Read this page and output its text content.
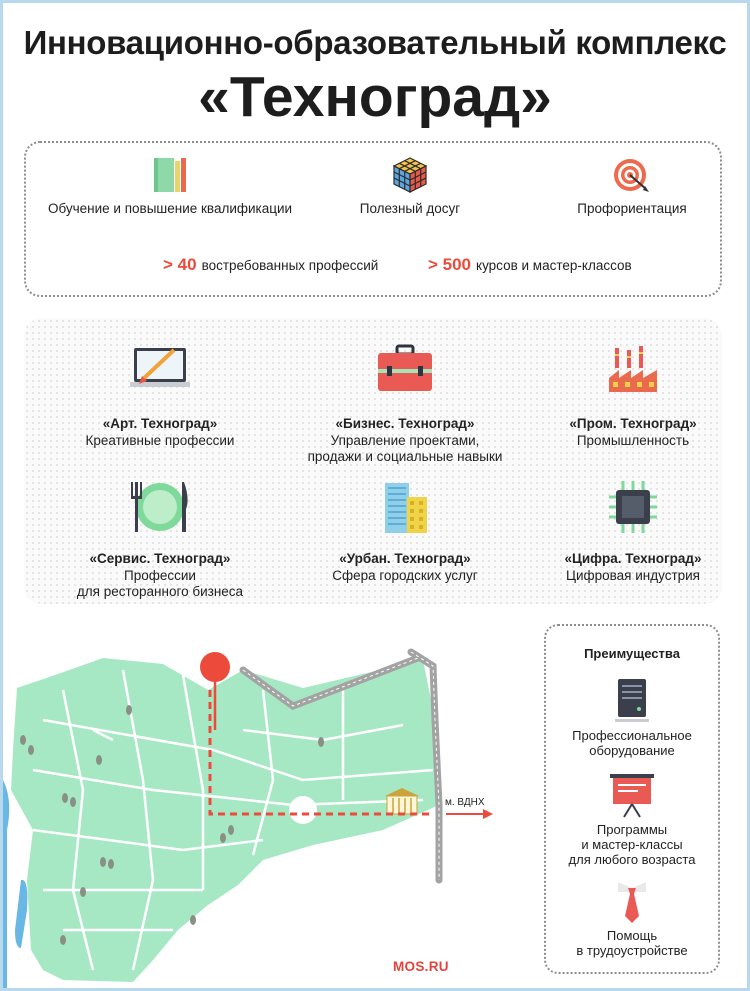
Инновационно-образовательный комплекс
«Техноград»
Обучение и повышение квалификации	Полезный досуг	Профориентация
> 40 востребованных профессий	> 500 курсов и мастер-классов
«Арт. Техноград»
Креативные профессии
«Бизнес. Техноград»
Управление проектами,
продажи и социальные навыки
«Пром. Техноград»
Промышленность
«Сервис. Техноград»
Профессии
для ресторанного бизнеса
«Урбан. Техноград»
Сфера городских услуг
«Цифра. Техноград»
Цифровая индустрия
м. ВДНХ
Преимущества
Профессиональное
оборудование
Программы
и мастер-классы
для любого возраста
Помощь
в трудоустройстве
MOS.RU
